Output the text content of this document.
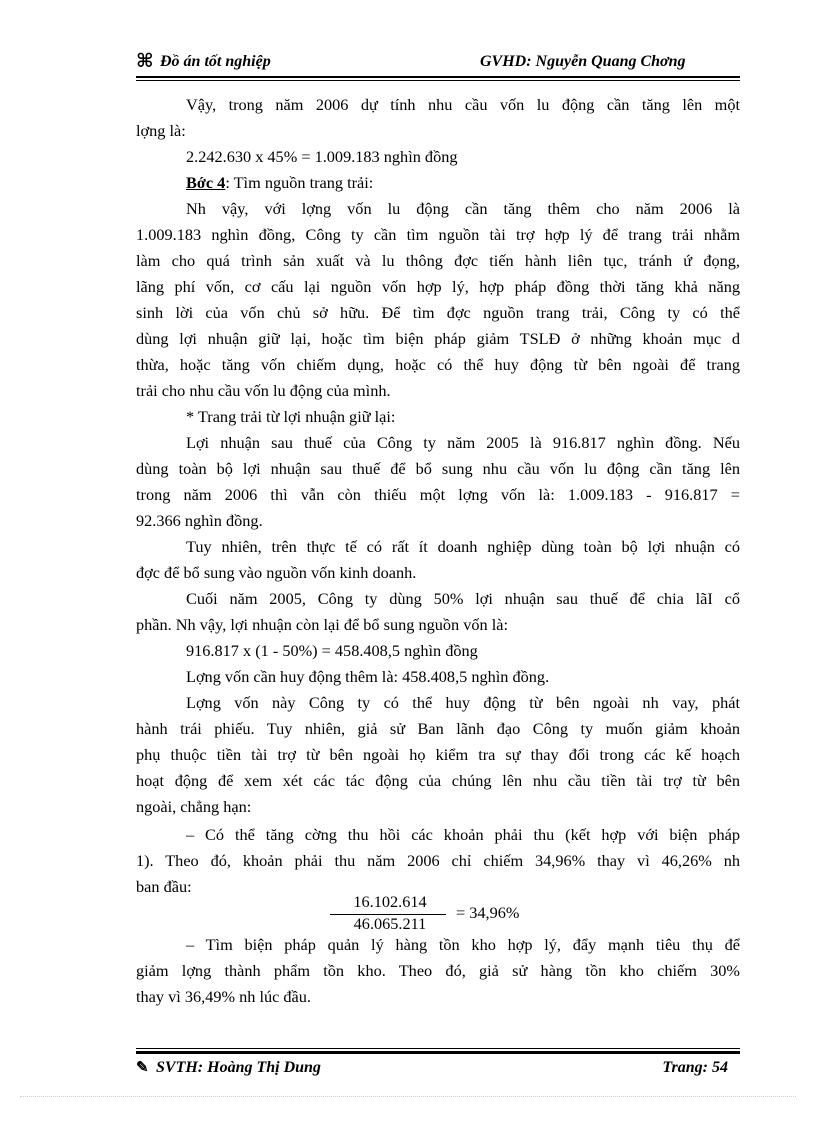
⌘ Đồ án tốt nghiệp	GVHD: Nguyễn Quang Chơng
Vậy, trong năm 2006 dự tính nhu cầu vốn lu động cần tăng lên một
lợng là:
2.242.630 x 45% = 1.009.183 nghìn đồng
Bớc 4: Tìm nguồn trang trải:
Nh vậy, với lợng vốn lu động cần tăng thêm cho năm 2006 là
1.009.183 nghìn đồng, Công ty cần tìm nguồn tài trợ hợp lý để trang trải nhằm
làm cho quá trình sản xuất và lu thông đợc tiến hành liên tục, tránh ứ đọng,
lãng phí vốn, cơ cấu lại nguồn vốn hợp lý, hợp pháp đồng thời tăng khả năng
sinh lời của vốn chủ sở hữu. Để tìm đợc nguồn trang trải, Công ty có thể
dùng lợi nhuận giữ lại, hoặc tìm biện pháp giảm TSLĐ ở những khoản mục d
thừa, hoặc tăng vốn chiếm dụng, hoặc có thể huy động từ bên ngoài để trang
trải cho nhu cầu vốn lu động của mình.
* Trang trải từ lợi nhuận giữ lại:
Lợi nhuận sau thuế của Công ty năm 2005 là 916.817 nghìn đồng. Nếu
dùng toàn bộ lợi nhuận sau thuế để bổ sung nhu cầu vốn lu động cần tăng lên
trong năm 2006 thì vẫn còn thiếu một lợng vốn là: 1.009.183 - 916.817 =
92.366 nghìn đồng.
Tuy nhiên, trên thực tế có rất ít doanh nghiệp dùng toàn bộ lợi nhuận có
đợc để bổ sung vào nguồn vốn kinh doanh.
Cuối năm 2005, Công ty dùng 50% lợi nhuận sau thuế để chia lãI cổ
phần. Nh vậy, lợi nhuận còn lại để bổ sung nguồn vốn là:
916.817 x (1 - 50%) = 458.408,5 nghìn đồng
Lợng vốn cần huy động thêm là: 458.408,5 nghìn đồng.
Lợng vốn này Công ty có thể huy động từ bên ngoài nh vay, phát
hành trái phiếu. Tuy nhiên, giả sử Ban lãnh đạo Công ty muốn giảm khoản
phụ thuộc tiền tài trợ từ bên ngoài họ kiểm tra sự thay đổi trong các kế hoạch
hoạt động để xem xét các tác động của chúng lên nhu cầu tiền tài trợ từ bên
ngoài, chẳng hạn:
– Có thể tăng cờng thu hồi các khoản phải thu (kết hợp với biện pháp
1). Theo đó, khoản phải thu năm 2006 chỉ chiếm 34,96% thay vì 46,26% nh
ban đầu:
16.102.614
46.065.211
= 34,96%
– Tìm biện pháp quản lý hàng tồn kho hợp lý, đẩy mạnh tiêu thụ để
giảm lợng thành phẩm tồn kho. Theo đó, giả sử hàng tồn kho chiếm 30%
thay vì 36,49% nh lúc đầu.
✎ SVTH: Hoàng Thị Dung	Trang: 54
